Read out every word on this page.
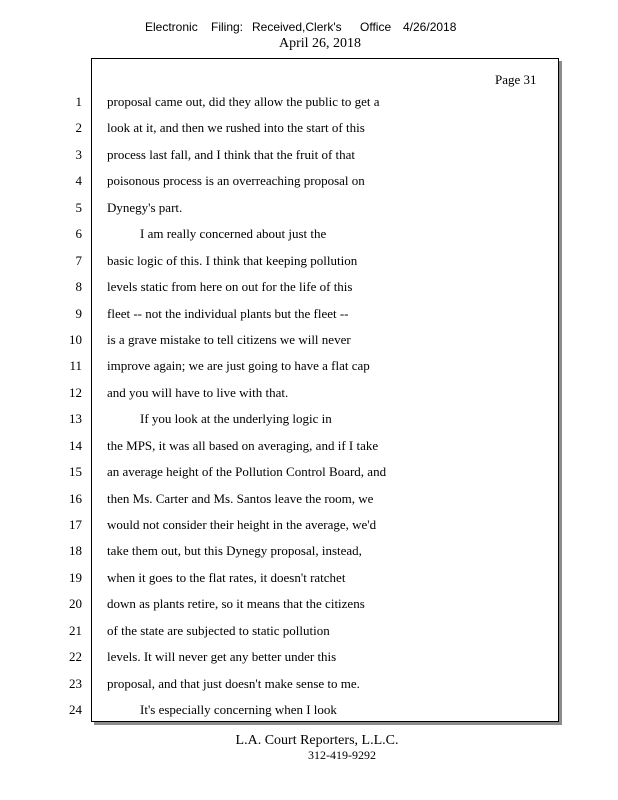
Electronic Filing: Received,Clerk's Office 4/26/2018
April 26, 2018
Page 31
1
2
3
4
5
6
7
8
9
10
11
12
13
14
15
16
17
18
19
20
21
22
23
24
proposal came out, did they allow the public to get a
look at it, and then we rushed into the start of this
process last fall, and I think that the fruit of that
poisonous process is an overreaching proposal on
Dynegy's part.
I am really concerned about just the
basic logic of this. I think that keeping pollution
levels static from here on out for the life of this
fleet -- not the individual plants but the fleet --
is a grave mistake to tell citizens we will never
improve again; we are just going to have a flat cap
and you will have to live with that.
If you look at the underlying logic in
the MPS, it was all based on averaging, and if I take
an average height of the Pollution Control Board, and
then Ms. Carter and Ms. Santos leave the room, we
would not consider their height in the average, we'd
take them out, but this Dynegy proposal, instead,
when it goes to the flat rates, it doesn't ratchet
down as plants retire, so it means that the citizens
of the state are subjected to static pollution
levels. It will never get any better under this
proposal, and that just doesn't make sense to me.
It's especially concerning when I look
L.A. Court Reporters, L.L.C.
312-419-9292
